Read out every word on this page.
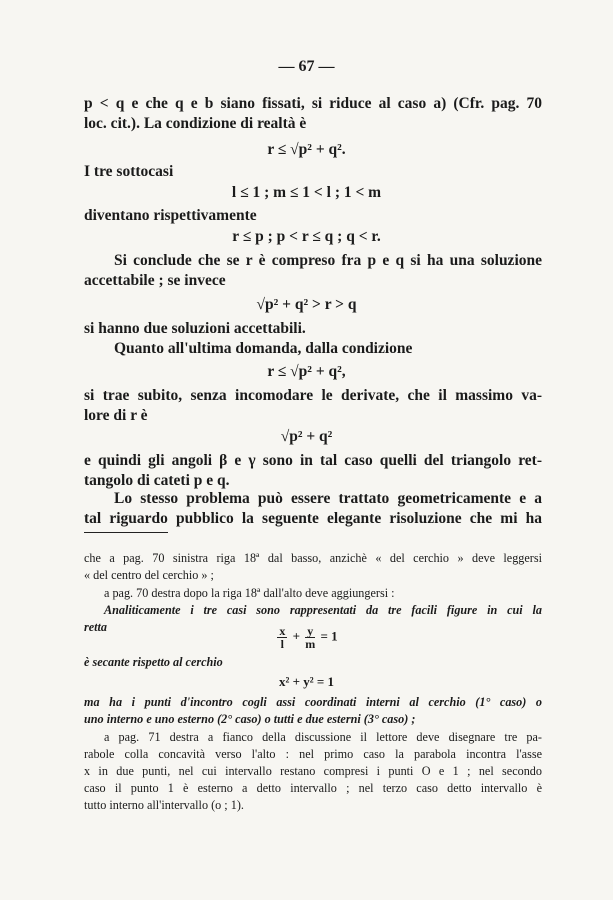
— 67 —
p < q e che q e b siano fissati, si riduce al caso a) (Cfr. pag. 70
loc. cit.). La condizione di realtà è
r ≤ √p² + q².
I tre sottocasi
l ≤ 1 ; m ≤ 1 < l ; 1 < m
diventano rispettivamente
r ≤ p ; p < r ≤ q ; q < r.
Si conclude che se r è compreso fra p e q si ha una soluzione
accettabile ; se invece
√p² + q² > r > q
si hanno due soluzioni accettabili.
Quanto all'ultima domanda, dalla condizione
r ≤ √p² + q²,
si trae subito, senza incomodare le derivate, che il massimo va-
lore di r è
√p² + q²
e quindi gli angoli β e γ sono in tal caso quelli del triangolo ret-
tangolo di cateti p e q.
Lo stesso problema può essere trattato geometricamente e a
tal riguardo pubblico la seguente elegante risoluzione che mi ha
che a pag. 70 sinistra riga 18ª dal basso, anzichè « del cerchio » deve leggersi
« del centro del cerchio » ;
a pag. 70 destra dopo la riga 18ª dall'alto deve aggiungersi :
Analiticamente i tre casi sono rappresentati da tre facili figure in cui la
retta	$\frac{x}{l} + \frac{y}{m} = 1$
è secante rispetto al cerchio
x² + y² = 1
ma ha i punti d'incontro cogli assi coordinati interni al cerchio (1° caso) o
uno interno e uno esterno (2° caso) o tutti e due esterni (3° caso) ;
a pag. 71 destra a fianco della discussione il lettore deve disegnare tre pa-
rabole colla concavità verso l'alto : nel primo caso la parabola incontra l'asse
x in due punti, nel cui intervallo restano compresi i punti O e 1 ; nel secondo
caso il punto 1 è esterno a detto intervallo ; nel terzo caso detto intervallo è
tutto interno all'intervallo (o ; 1).
